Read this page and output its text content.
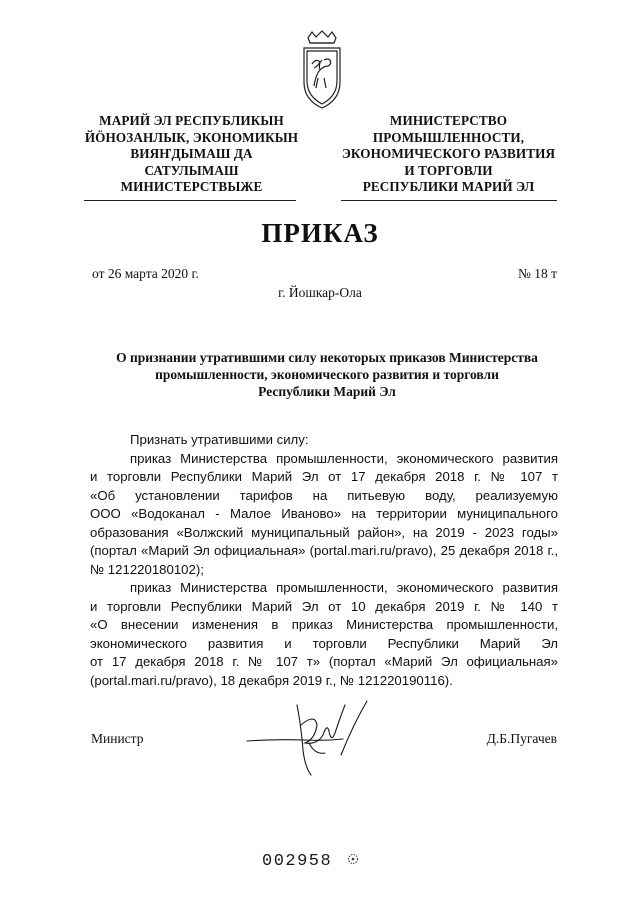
МАРИЙ ЭЛ РЕСПУБЛИКЫН
ЙӦНОЗАНЛЫК, ЭКОНОМИКЫН
ВИЯҤДЫМАШ ДА
САТУЛЫМАШ
МИНИСТЕРСТВЫЖЕ
МИНИСТЕРСТВО
ПРОМЫШЛЕННОСТИ,
ЭКОНОМИЧЕСКОГО РАЗВИТИЯ
И ТОРГОВЛИ
РЕСПУБЛИКИ МАРИЙ ЭЛ
ПРИКАЗ
от 26 марта 2020 г.	№ 18 т
г. Йошкар-Ола
О признании утратившими силу некоторых приказов Министерства
промышленности, экономического развития и торговли
Республики Марий Эл
Признать утратившими силу:
приказ Министерства промышленности, экономического развития
и торговли Республики Марий Эл от 17 декабря 2018 г. № 107 т
«Об установлении тарифов на питьевую воду, реализуемую
ООО «Водоканал - Малое Иваново» на территории муниципального
образования «Волжский муниципальный район», на 2019 - 2023 годы»
(портал «Марий Эл официальная» (portal.mari.ru/pravo), 25 декабря 2018 г.,
№ 121220180102);
приказ Министерства промышленности, экономического развития
и торговли Республики Марий Эл от 10 декабря 2019 г. № 140 т
«О внесении изменения в приказ Министерства промышленности,
экономического развития и торговли Республики Марий Эл
от 17 декабря 2018 г. № 107 т» (портал «Марий Эл официальная»
(portal.mari.ru/pravo), 18 декабря 2019 г., № 121220190116).
Министр	Д.Б.Пугачев
002958
